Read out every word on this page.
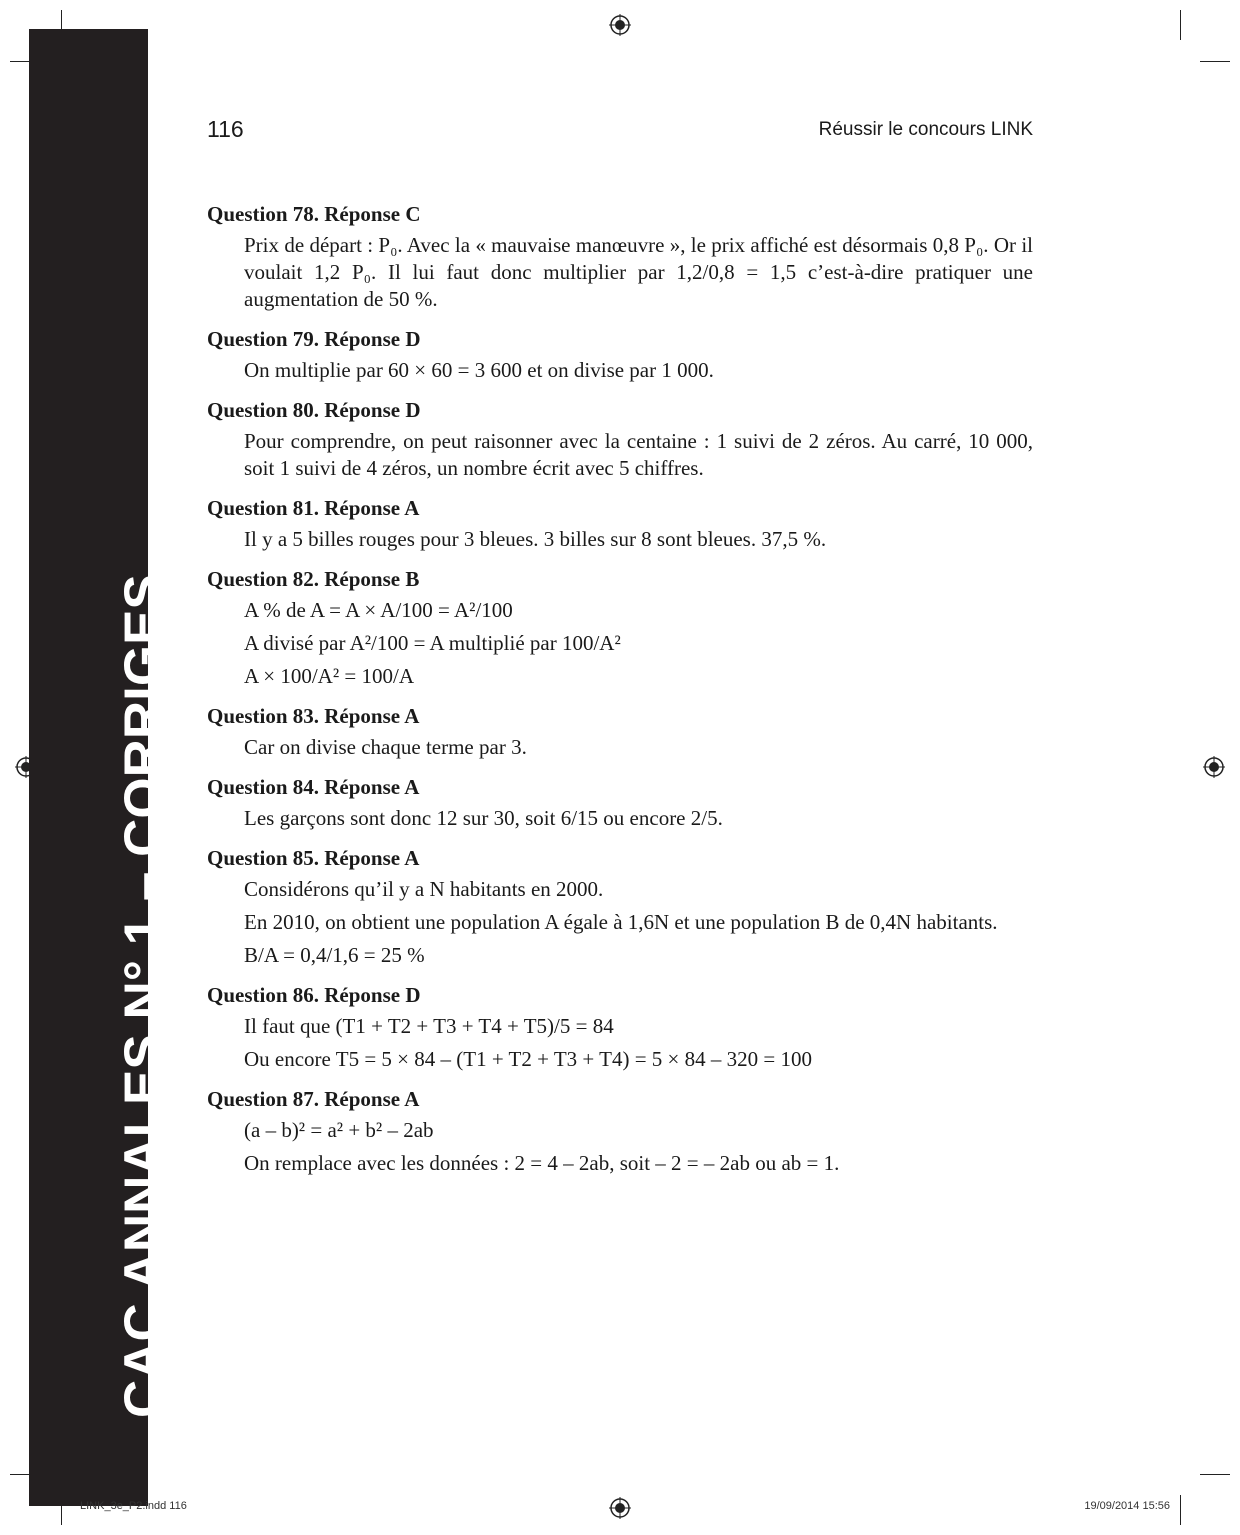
CAC ANNALES N° 1 – CORRIGES
116	Réussir le concours LINK

Question 78. Réponse C

Prix de départ : P₀. Avec la « mauvaise manœuvre », le prix affiché est désormais 0,8 P₀. Or il voulait 1,2 P₀. Il lui faut donc multiplier par 1,2/0,8 = 1,5 c’est-à-dire pratiquer une augmentation de 50 %.

Question 79. Réponse D

On multiplie par 60 × 60 = 3 600 et on divise par 1 000.

Question 80. Réponse D

Pour comprendre, on peut raisonner avec la centaine : 1 suivi de 2 zéros. Au carré, 10 000, soit 1 suivi de 4 zéros, un nombre écrit avec 5 chiffres.

Question 81. Réponse A

Il y a 5 billes rouges pour 3 bleues. 3 billes sur 8 sont bleues. 37,5 %.

Question 82. Réponse B

A % de A = A × A/100 = A²/100

A divisé par A²/100 = A multiplié par 100/A²

A × 100/A² = 100/A

Question 83. Réponse A

Car on divise chaque terme par 3.

Question 84. Réponse A

Les garçons sont donc 12 sur 30, soit 6/15 ou encore 2/5.

Question 85. Réponse A

Considérons qu’il y a N habitants en 2000.

En 2010, on obtient une population A égale à 1,6N et une population B de 0,4N habitants.

B/A = 0,4/1,6 = 25 %

Question 86. Réponse D

Il faut que (T1 + T2 + T3 + T4 + T5)/5 = 84

Ou encore T5 = 5 × 84 – (T1 + T2 + T3 + T4) = 5 × 84 – 320 = 100

Question 87. Réponse A

(a – b)² = a² + b² – 2ab

On remplace avec les données : 2 = 4 – 2ab, soit – 2 = – 2ab ou ab = 1.

LINK_3e_P2.indd 116	19/09/2014 15:56
